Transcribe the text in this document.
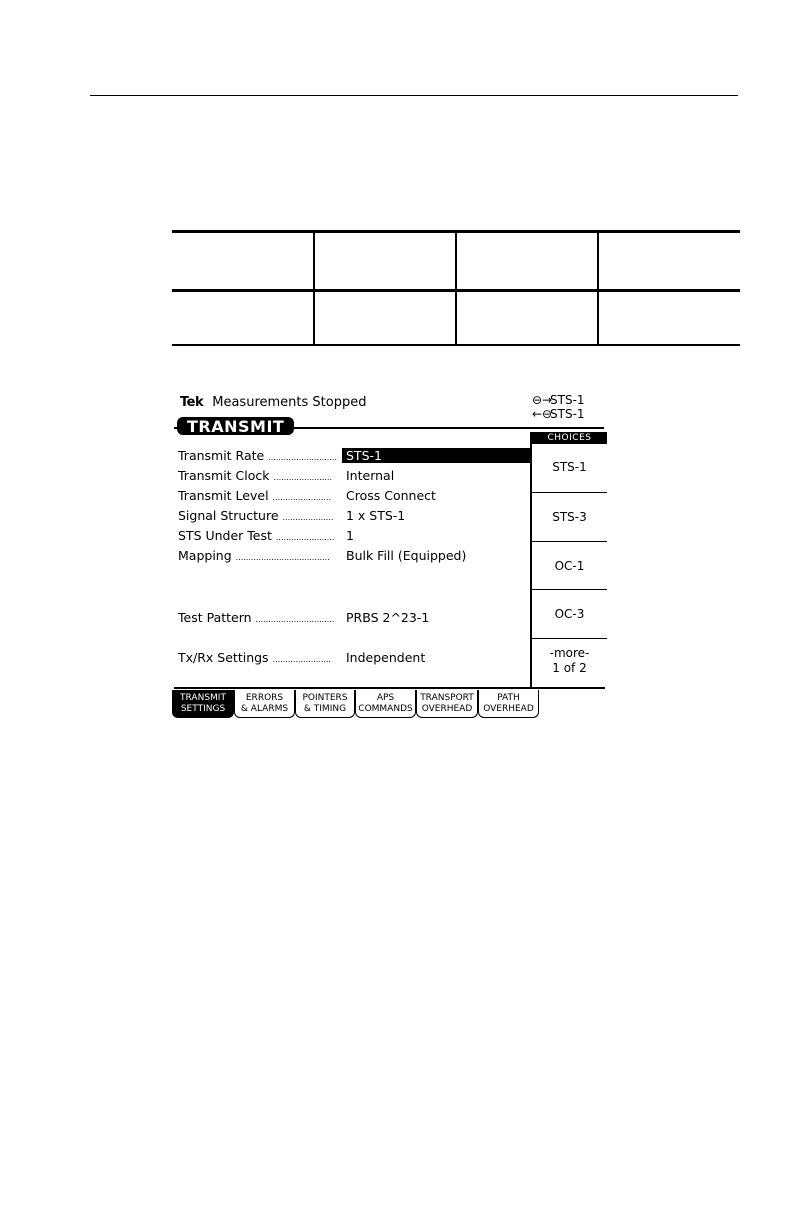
Tek Measurements Stopped	⊖→STS-1
←⊖STS-1
TRANSMIT
Transmit Rate ........................... STS-1
Transmit Clock ....................... Internal
Transmit Level ....................... Cross Connect
Signal Structure .................... 1 x STS-1
STS Under Test ....................... 1
Mapping ..................................... Bulk Fill (Equipped)
Test Pattern ............................... PRBS 2^23-1
Tx/Rx Settings ....................... Independent
CHOICES
STS-1
STS-3
OC-1
OC-3
-more-
1 of 2
TRANSMIT
SETTINGS
ERRORS
& ALARMS
POINTERS
& TIMING
APS
COMMANDS
TRANSPORT
OVERHEAD
PATH
OVERHEAD
